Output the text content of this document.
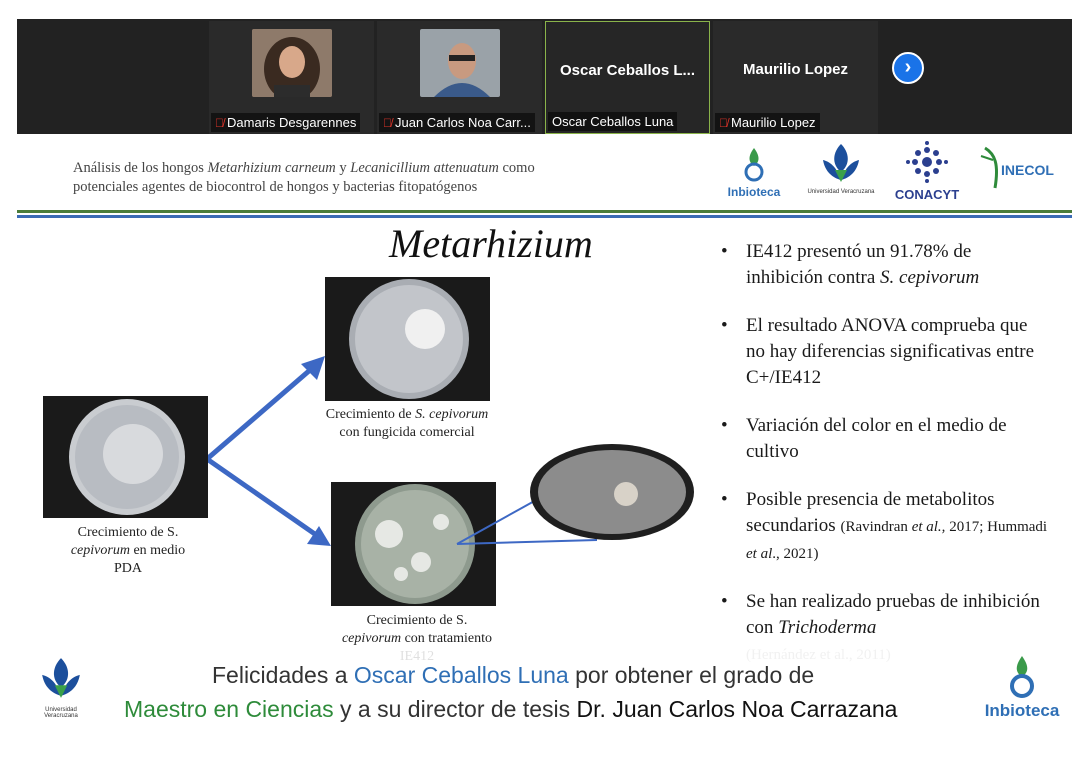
🎙̸ Damaris Desgarennes	🎙̸ Juan Carlos Noa Carr...
Oscar Ceballos L...
Oscar Ceballos Luna
Maurilio Lopez
🎙̸ Maurilio Lopez
›
Análisis de los hongos Metarhizium carneum y Lecanicillium attenuatum como
potenciales agentes de biocontrol de hongos y bacterias fitopatógenos	Inbioteca	Universidad Veracruzana	CONACYT
INECOL
Metarhizium
Crecimiento de S.
cepivorum en medio
PDA
Crecimiento de S. cepivorum
con fungicida comercial
Crecimiento de S.
cepivorum con tratamiento

• IE412 presentó un 91.78% de inhibición contra S. cepivorum
• El resultado ANOVA comprueba que no hay diferencias significativas entre C+/IE412
• Variación del color en el medio de cultivo
• Posible presencia de metabolitos secundarios (Ravindran et al., 2017; Hummadi et al., 2021)
• Se han realizado pruebas de inhibición con Trichoderma

Universidad Veracruzana
Felicidades a Oscar Ceballos Luna por obtener el grado de
Maestro en Ciencias y a su director de tesis Dr. Juan Carlos Noa Carrazana	Inbioteca
